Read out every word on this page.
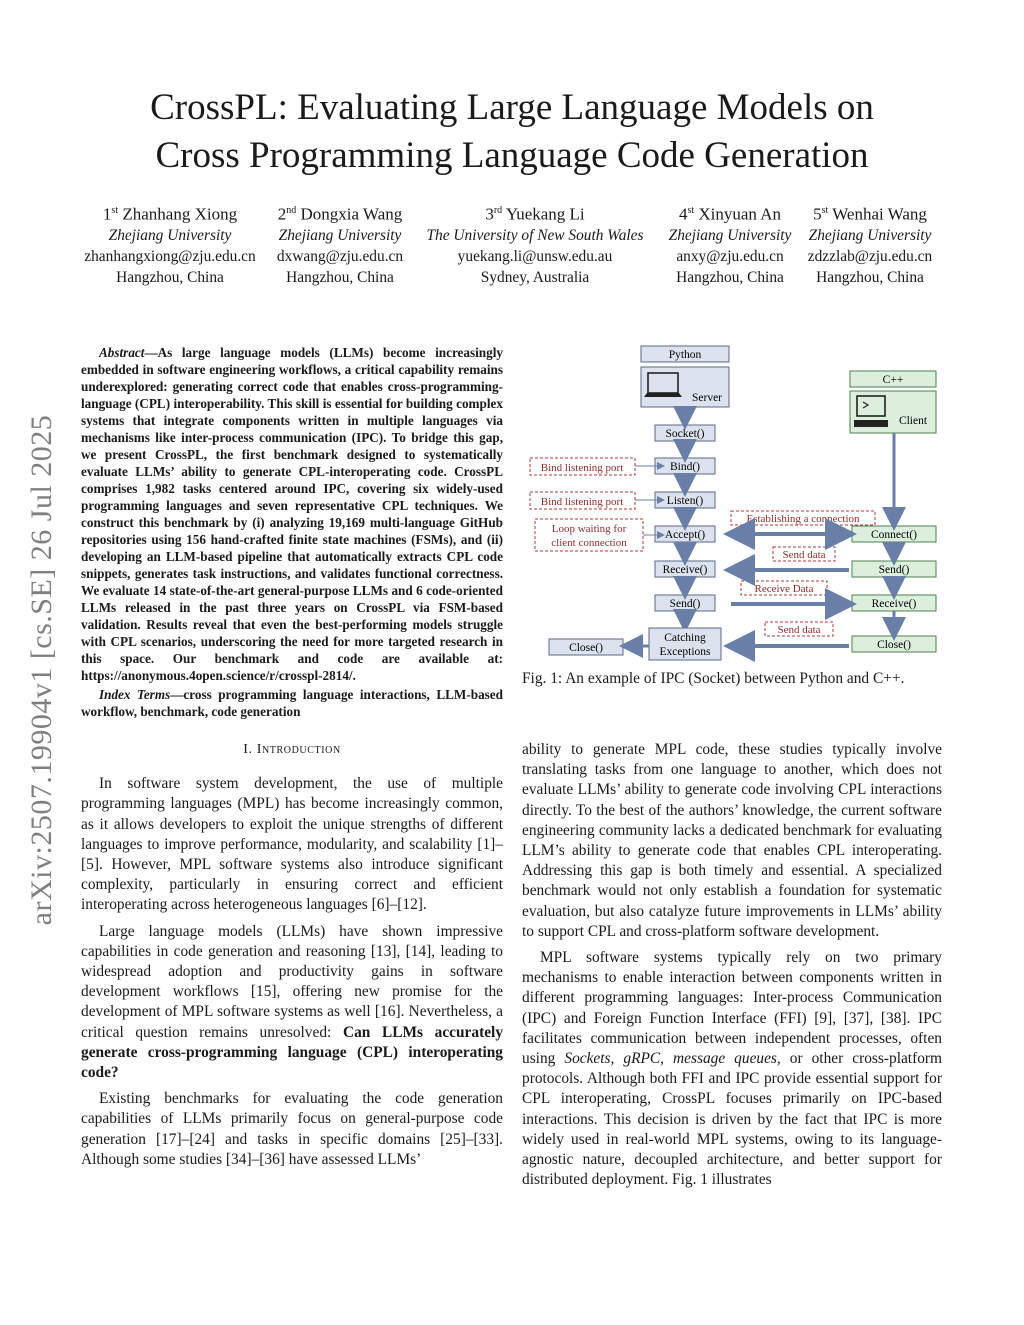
arXiv:2507.19904v1 [cs.SE] 26 Jul 2025
CrossPL: Evaluating Large Language Models on
Cross Programming Language Code Generation
1st Zhanhang Xiong
Zhejiang University
zhanhangxiong@zju.edu.cn
Hangzhou, China
2nd Dongxia Wang
Zhejiang University
dxwang@zju.edu.cn
Hangzhou, China
3rd Yuekang Li
The University of New South Wales
yuekang.li@unsw.edu.au
Sydney, Australia
4st Xinyuan An
Zhejiang University
anxy@zju.edu.cn
Hangzhou, China
5st Wenhai Wang
Zhejiang University
zdzzlab@zju.edu.cn
Hangzhou, China

Abstract—As large language models (LLMs) become increasingly embedded in software engineering workflows, a critical capability remains underexplored: generating correct code that enables cross-programming-language (CPL) interoperability. This skill is essential for building complex systems that integrate components written in multiple languages via mechanisms like inter-process communication (IPC). To bridge this gap, we present CrossPL, the first benchmark designed to systematically evaluate LLMs’ ability to generate CPL-interoperating code. CrossPL comprises 1,982 tasks centered around IPC, covering six widely-used programming languages and seven representative CPL techniques. We construct this benchmark by (i) analyzing 19,169 multi-language GitHub repositories using 156 hand-crafted finite state machines (FSMs), and (ii) developing an LLM-based pipeline that automatically extracts CPL code snippets, generates task instructions, and validates functional correctness. We evaluate 14 state-of-the-art general-purpose LLMs and 6 code-oriented LLMs released in the past three years on CrossPL via FSM-based validation. Results reveal that even the best-performing models struggle with CPL scenarios, underscoring the need for more targeted research in this space. Our benchmark and code are available at: https://anonymous.4open.science/r/crosspl-2814/.

Index Terms—cross programming language interactions, LLM-based workflow, benchmark, code generation

I. Introduction

In software system development, the use of multiple programming languages (MPL) has become increasingly common, as it allows developers to exploit the unique strengths of different languages to improve performance, modularity, and scalability [1]–[5]. However, MPL software systems also introduce significant complexity, particularly in ensuring correct and efficient interoperating across heterogeneous languages [6]–[12].

Large language models (LLMs) have shown impressive capabilities in code generation and reasoning [13], [14], leading to widespread adoption and productivity gains in software development workflows [15], offering new promise for the development of MPL software systems as well [16]. Nevertheless, a critical question remains unresolved: Can LLMs accurately generate cross-programming language (CPL) interoperating code?

Existing benchmarks for evaluating the code generation capabilities of LLMs primarily focus on general-purpose code generation [17]–[24] and tasks in specific domains [25]–[33]. Although some studies [34]–[36] have assessed LLMs’

Python
Server
C++
Client
Socket()
Bind()
Listen()
Accept()
Receive()
Send()
Connect()
Send()
Receive()
Close()
Bind listening port
Bind listening port
Loop waiting for
client connection
Establishing a connection
Send data
Receive Data
Send data
Catching
Exceptions
Close()
Fig. 1: An example of IPC (Socket) between Python and C++.

ability to generate MPL code, these studies typically involve translating tasks from one language to another, which does not evaluate LLMs’ ability to generate code involving CPL interactions directly. To the best of the authors’ knowledge, the current software engineering community lacks a dedicated benchmark for evaluating LLM’s ability to generate code that enables CPL interoperating. Addressing this gap is both timely and essential. A specialized benchmark would not only establish a foundation for systematic evaluation, but also catalyze future improvements in LLMs’ ability to support CPL and cross-platform software development.

MPL software systems typically rely on two primary mechanisms to enable interaction between components written in different programming languages: Inter-process Communication (IPC) and Foreign Function Interface (FFI) [9], [37], [38]. IPC facilitates communication between independent processes, often using Sockets, gRPC, message queues, or other cross-platform protocols. Although both FFI and IPC provide essential support for CPL interoperating, CrossPL focuses primarily on IPC-based interactions. This decision is driven by the fact that IPC is more widely used in real-world MPL systems, owing to its language-agnostic nature, decoupled architecture, and better support for distributed deployment. Fig. 1 illustrates
